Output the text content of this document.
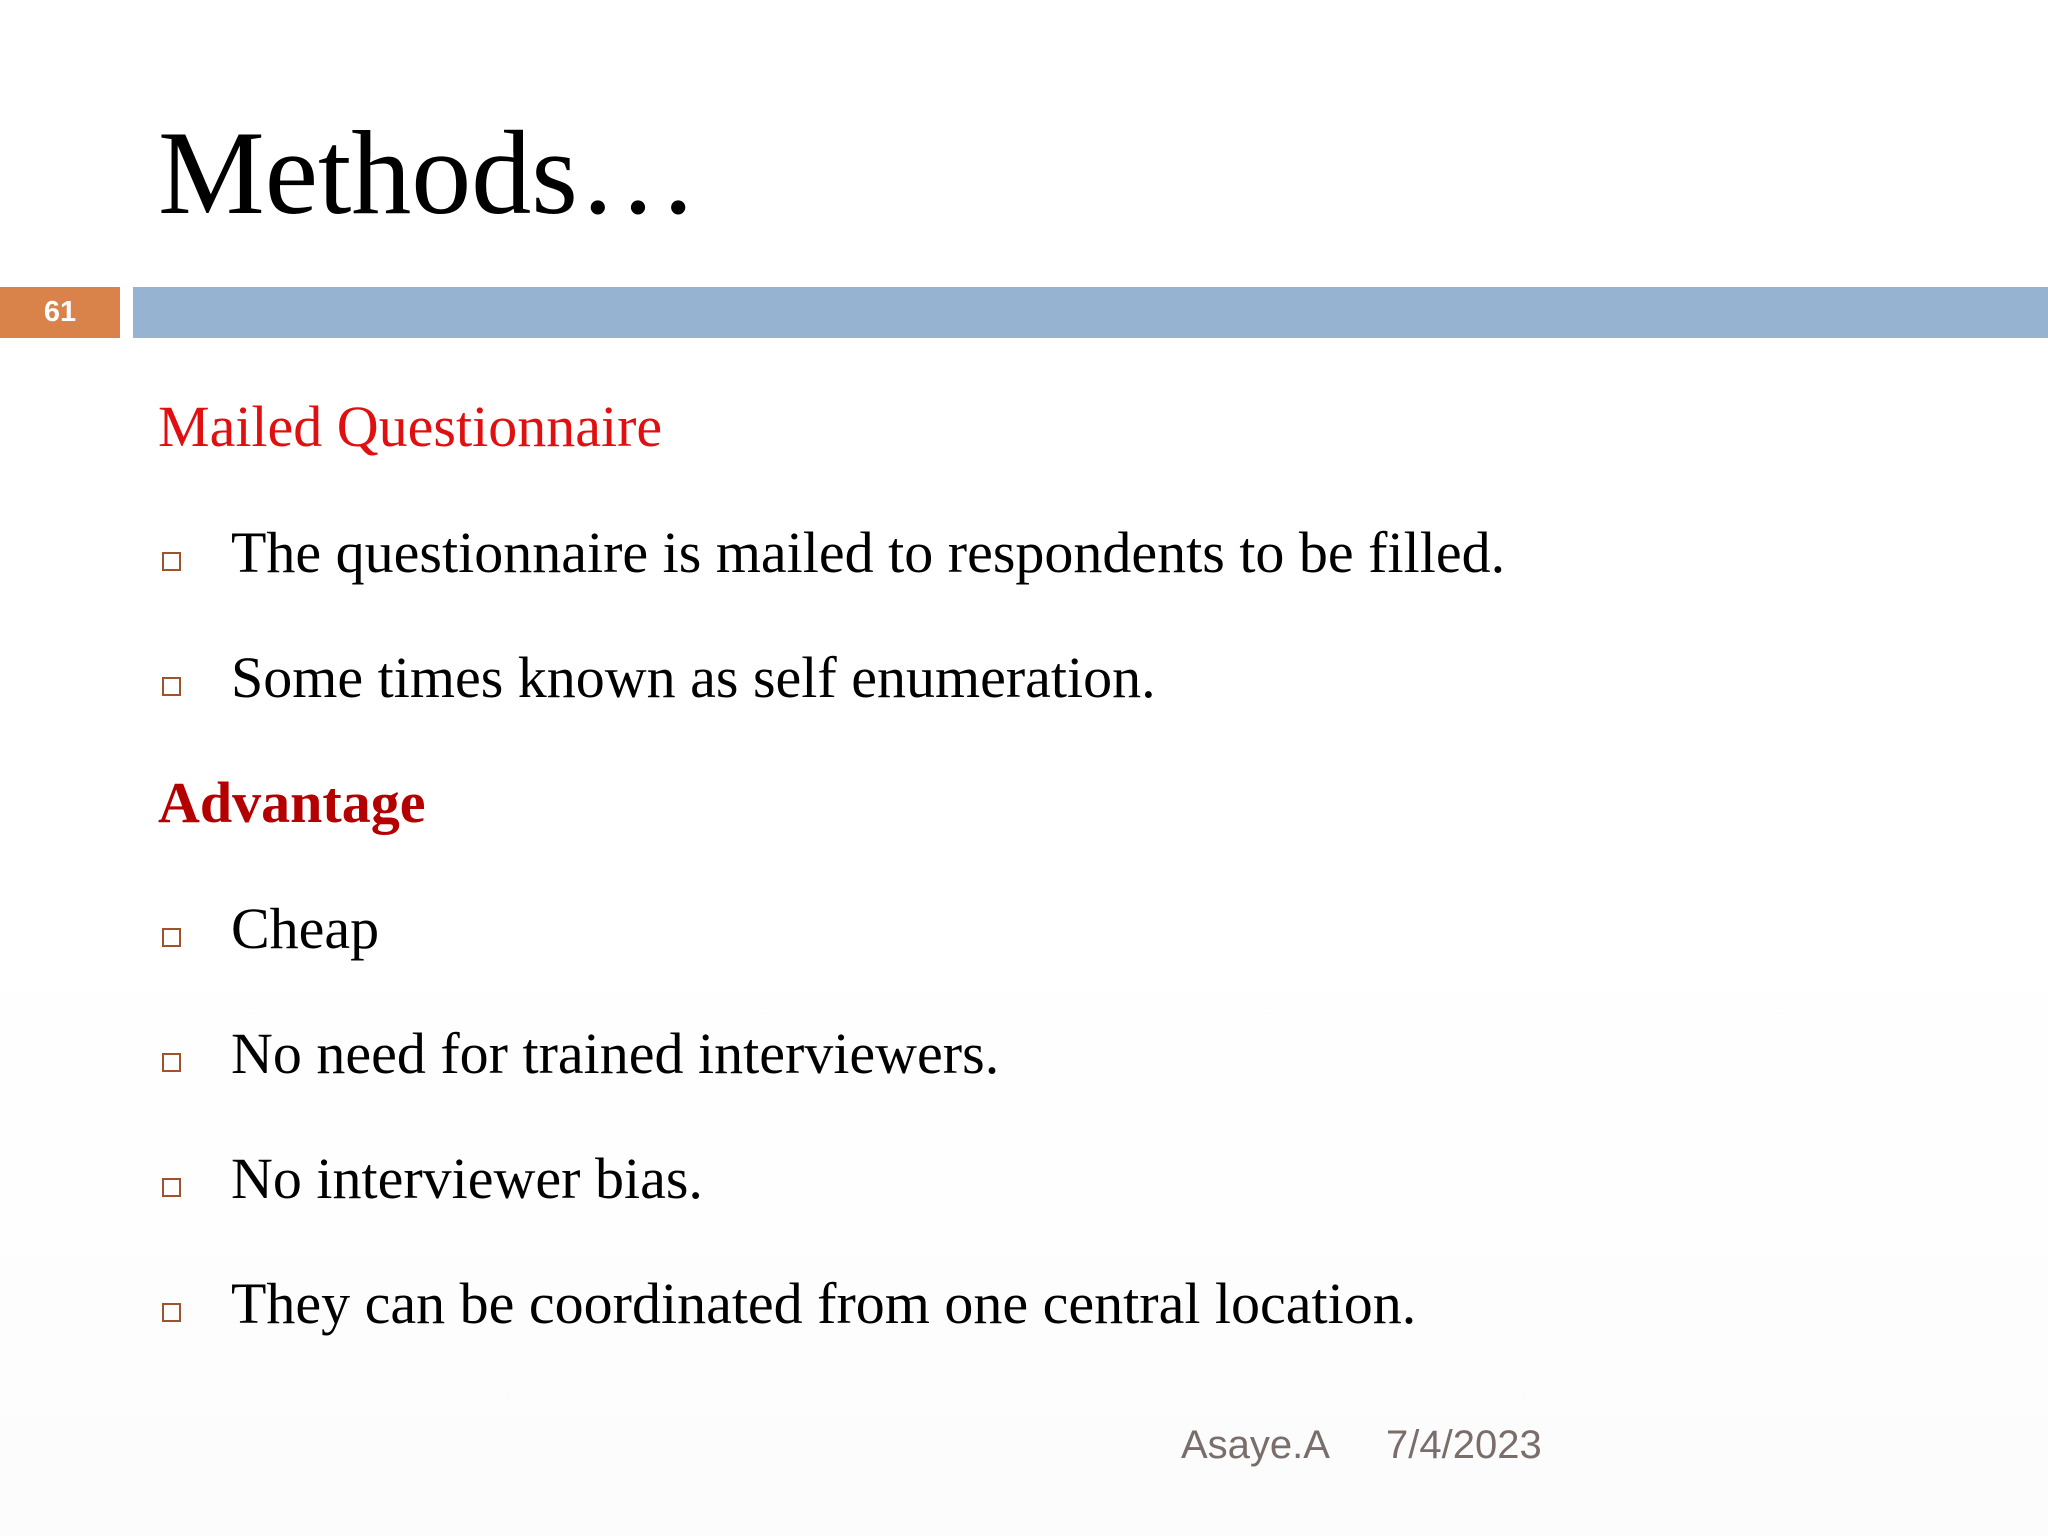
Methods…
61
Mailed Questionnaire
The questionnaire is mailed to respondents to be filled.
Some times known as self enumeration.
Advantage
Cheap
No need for trained interviewers.
No interviewer bias.
They can be coordinated from one central location.
Asaye.A 7/4/2023
